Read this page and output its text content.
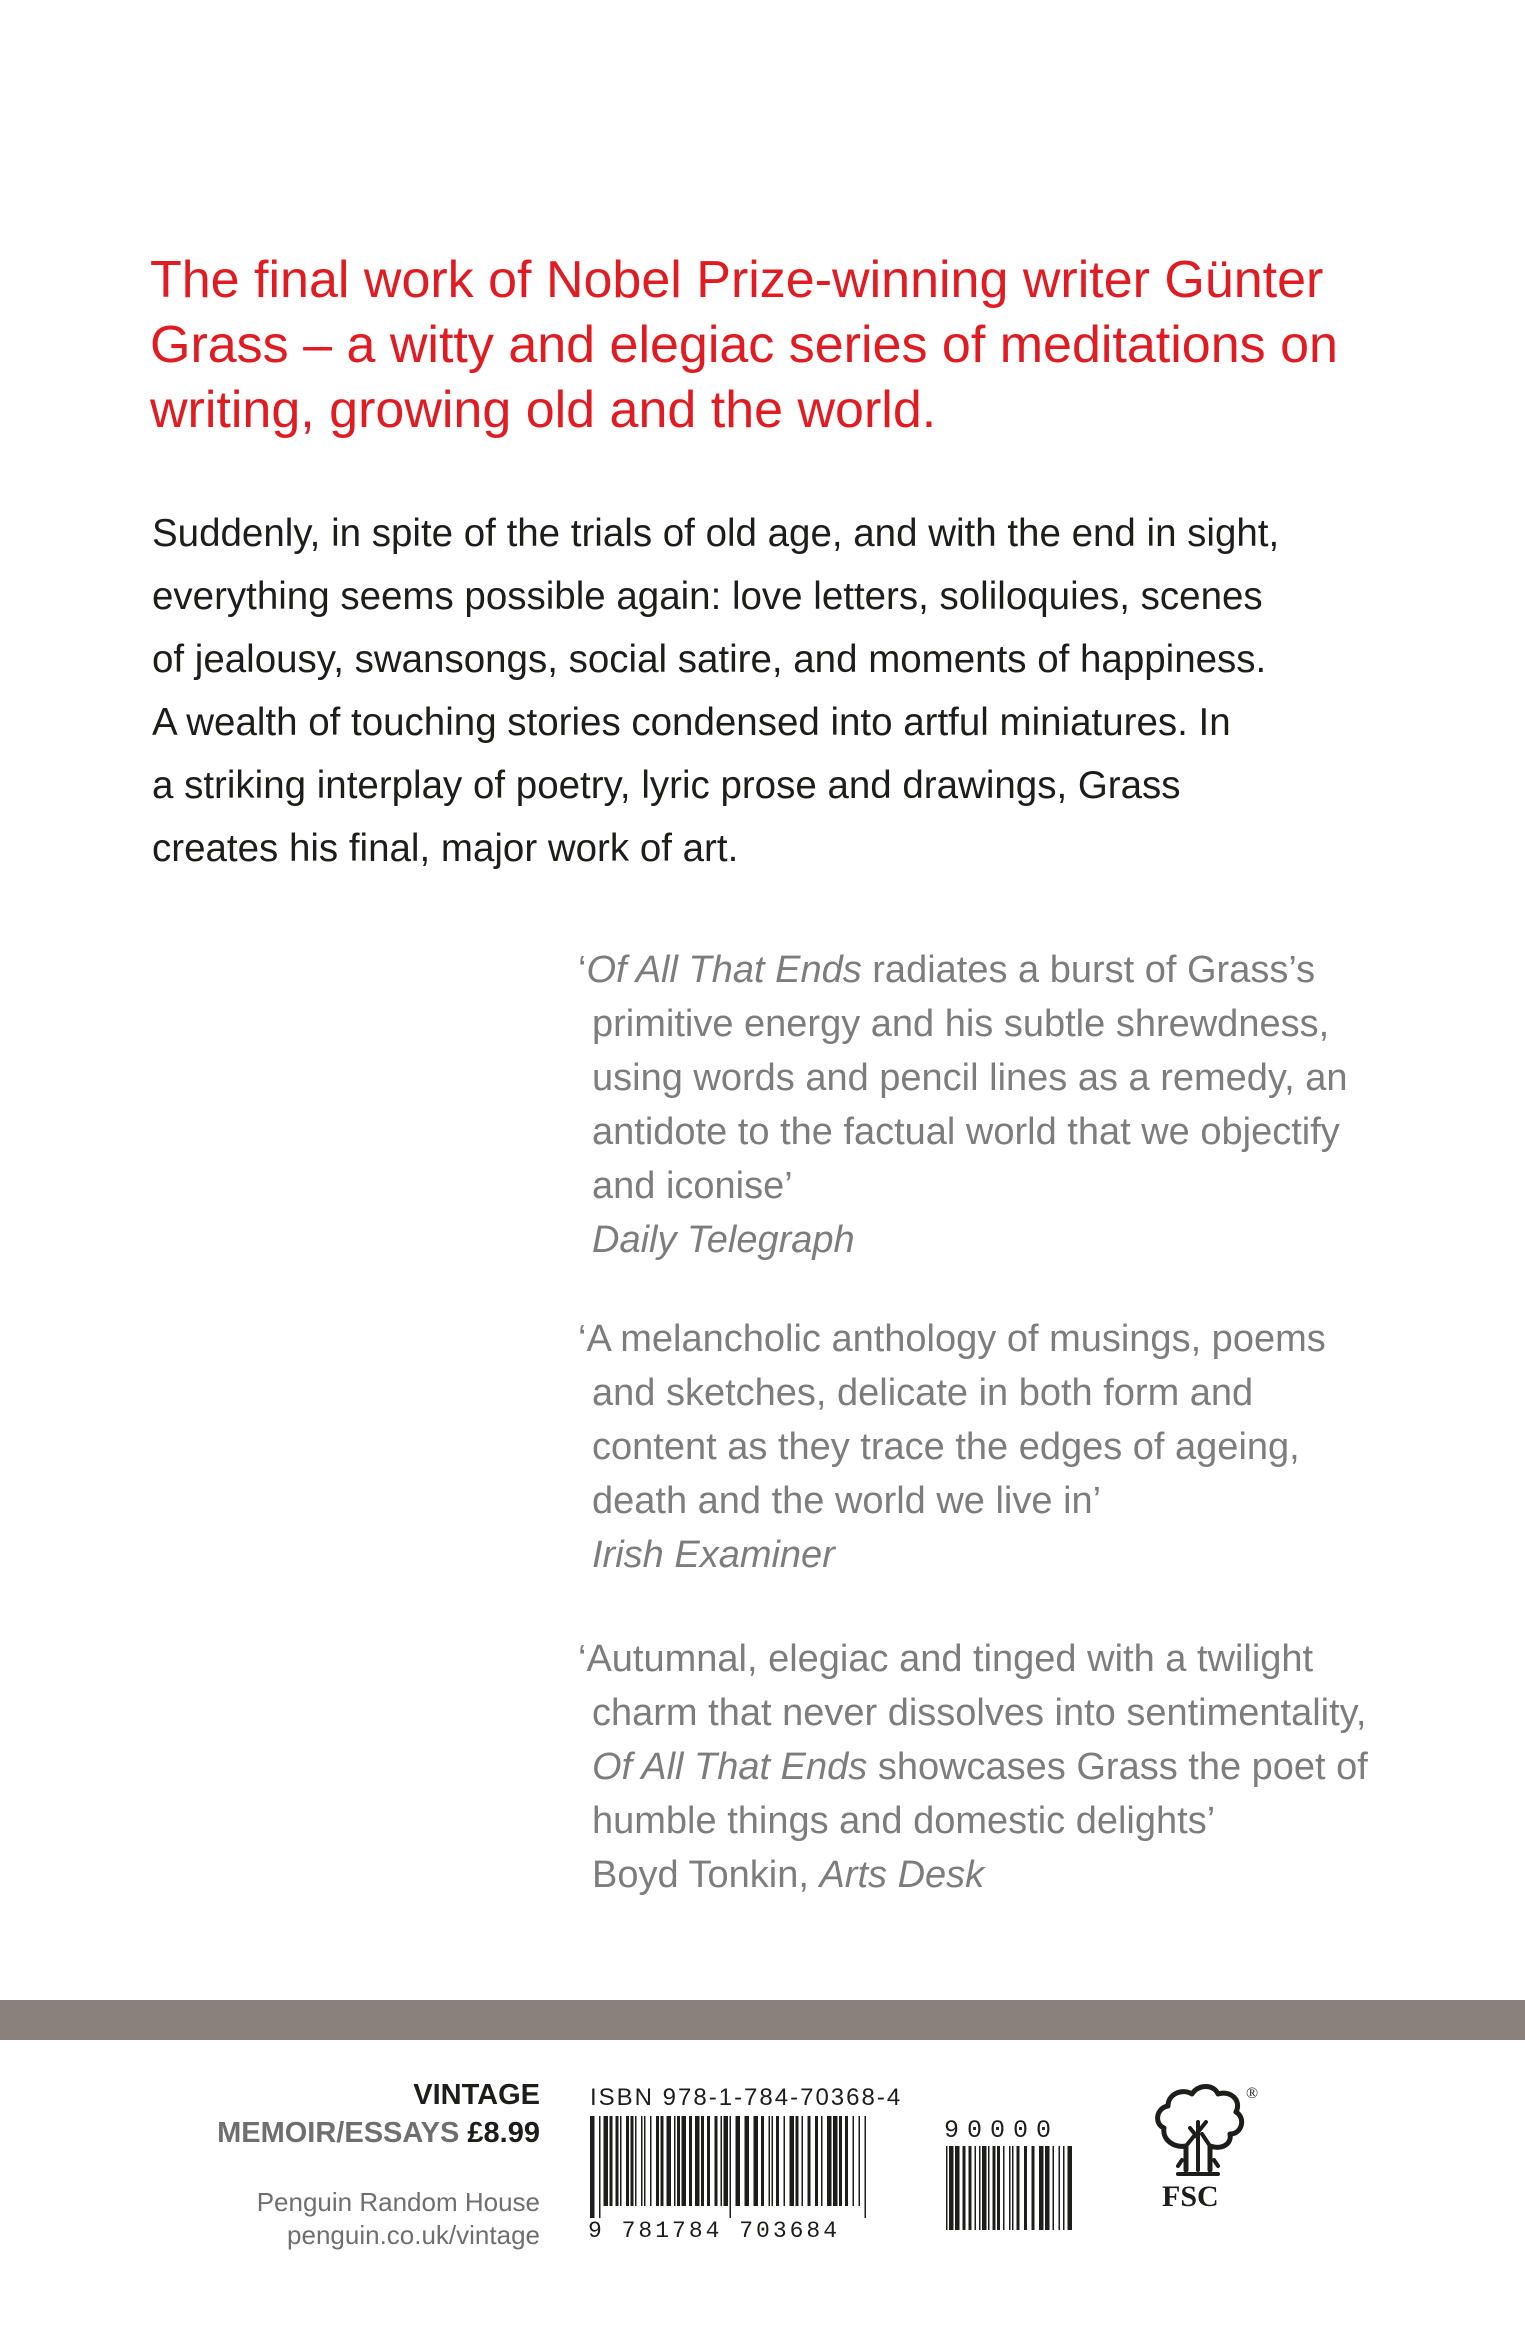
The final work of Nobel Prize-winning writer Günter
Grass – a witty and elegiac series of meditations on
writing, growing old and the world.
Suddenly, in spite of the trials of old age, and with the end in sight,
everything seems possible again: love letters, soliloquies, scenes
of jealousy, swansongs, social satire, and moments of happiness.
A wealth of touching stories condensed into artful miniatures. In
a striking interplay of poetry, lyric prose and drawings, Grass
creates his final, major work of art.
‘Of All That Ends radiates a burst of Grass’s
primitive energy and his subtle shrewdness,
using words and pencil lines as a remedy, an
antidote to the factual world that we objectify
and iconise’
Daily Telegraph
‘A melancholic anthology of musings, poems
and sketches, delicate in both form and
content as they trace the edges of ageing,
death and the world we live in’
Irish Examiner
‘Autumnal, elegiac and tinged with a twilight
charm that never dissolves into sentimentality,
Of All That Ends showcases Grass the poet of
humble things and domestic delights’
Boyd Tonkin, Arts Desk
VINTAGE
MEMOIR/ESSAYS £8.99
Penguin Random House
penguin.co.uk/vintage
ISBN 978-1-784-70368-4
9 781784 703684
90000
®
FSC
